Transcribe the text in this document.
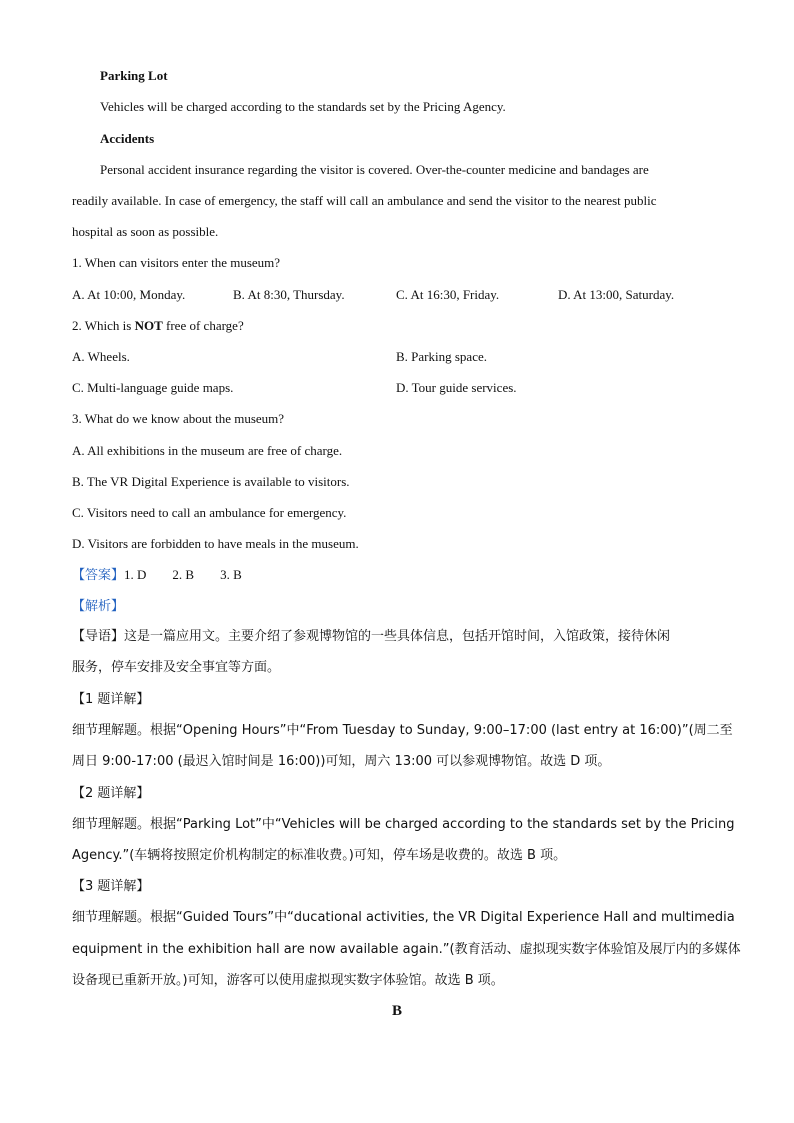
Parking Lot
Vehicles will be charged according to the standards set by the Pricing Agency.
Accidents
Personal accident insurance regarding the visitor is covered. Over-the-counter medicine and bandages are
readily available. In case of emergency, the staff will call an ambulance and send the visitor to the nearest public
hospital as soon as possible.
1. When can visitors enter the museum?
A. At 10:00, Monday.	B. At 8:30, Thursday.	C. At 16:30, Friday.	D. At 13:00, Saturday.
2. Which is NOT free of charge?
A. Wheels.	B. Parking space.
C. Multi-language guide maps.	D. Tour guide services.
3. What do we know about the museum?
A. All exhibitions in the museum are free of charge.
B. The VR Digital Experience is available to visitors.
C. Visitors need to call an ambulance for emergency.
D. Visitors are forbidden to have meals in the museum.
【答案】1. D 2. B 3. B
【解析】
【导语】这是一篇应用文。主要介绍了参观博物馆的一些具体信息，包括开馆时间，入馆政策，接待休闲
服务，停车安排及安全事宜等方面。
【1 题详解】
细节理解题。根据“Opening Hours”中“From Tuesday to Sunday, 9:00–17:00 (last entry at 16:00)”(周二至
周日 9:00-17:00 (最迟入馆时间是 16:00))可知，周六 13:00 可以参观博物馆。故选 D 项。
【2 题详解】
细节理解题。根据“Parking Lot”中“Vehicles will be charged according to the standards set by the Pricing
Agency.”(车辆将按照定价机构制定的标准收费。)可知，停车场是收费的。故选 B 项。
【3 题详解】
细节理解题。根据“Guided Tours”中“ducational activities, the VR Digital Experience Hall and multimedia
equipment in the exhibition hall are now available again.”(教育活动、虚拟现实数字体验馆及展厅内的多媒体
设备现已重新开放。)可知，游客可以使用虚拟现实数字体验馆。故选 B 项。
B
